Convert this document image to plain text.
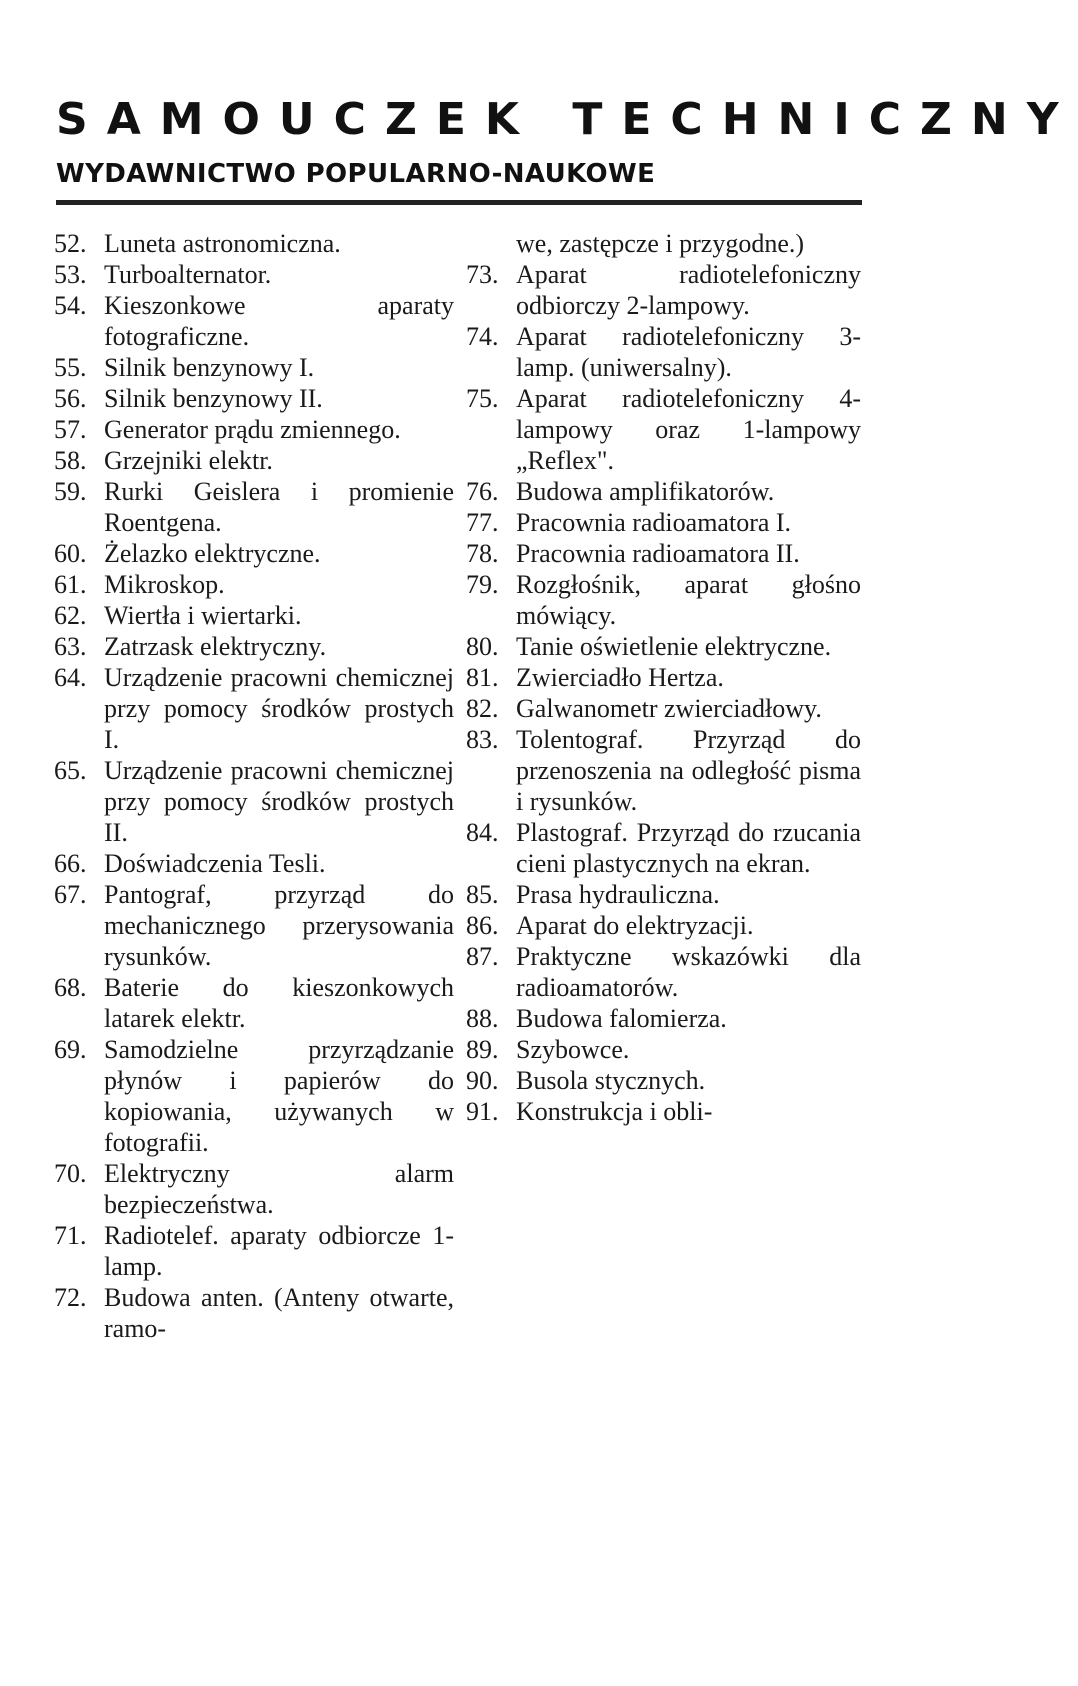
SAMOUCZEK TECHNICZNY
WYDAWNICTWO POPULARNO-NAUKOWE
52. Luneta astronomiczna.
53. Turboalternator.
54. Kieszonkowe aparaty fotograficzne.
55. Silnik benzynowy I.
56. Silnik benzynowy II.
57. Generator prądu zmiennego.
58. Grzejniki elektr.
59. Rurki Geislera i promienie Roentgena.
60. Żelazko elektryczne.
61. Mikroskop.
62. Wiertła i wiertarki.
63. Zatrzask elektryczny.
64. Urządzenie pracowni chemicznej przy pomocy środków prostych I.
65. Urządzenie pracowni chemicznej przy pomocy środków prostych II.
66. Doświadczenia Tesli.
67. Pantograf, przyrząd do mechanicznego przerysowania rysunków.
68. Baterie do kieszonkowych latarek elektr.
69. Samodzielne przyrządzanie płynów i papierów do kopiowania, używanych w fotografii.
70. Elektryczny alarm bezpieczeństwa.
71. Radiotelef. aparaty odbiorcze 1-lamp.
72. Budowa anten. (Anteny otwarte, ramo-
we, zastępcze i przygodne.)
73. Aparat radiotelefoniczny odbiorczy 2-lampowy.
74. Aparat radiotelefoniczny 3-lamp. (uniwersalny).
75. Aparat radiotelefoniczny 4-lampowy oraz 1-lampowy „Reflex".
76. Budowa amplifikatorów.
77. Pracownia radioamatora I.
78. Pracownia radioamatora II.
79. Rozgłośnik, aparat głośno mówiący.
80. Tanie oświetlenie elektryczne.
81. Zwierciadło Hertza.
82. Galwanometr zwierciadłowy.
83. Tolentograf. Przyrząd do przenoszenia na odległość pisma i rysunków.
84. Plastograf. Przyrząd do rzucania cieni plastycznych na ekran.
85. Prasa hydrauliczna.
86. Aparat do elektryzacji.
87. Praktyczne wskazówki dla radioamatorów.
88. Budowa falomierza.
89. Szybowce.
90. Busola stycznych.
91. Konstrukcja i obli-
